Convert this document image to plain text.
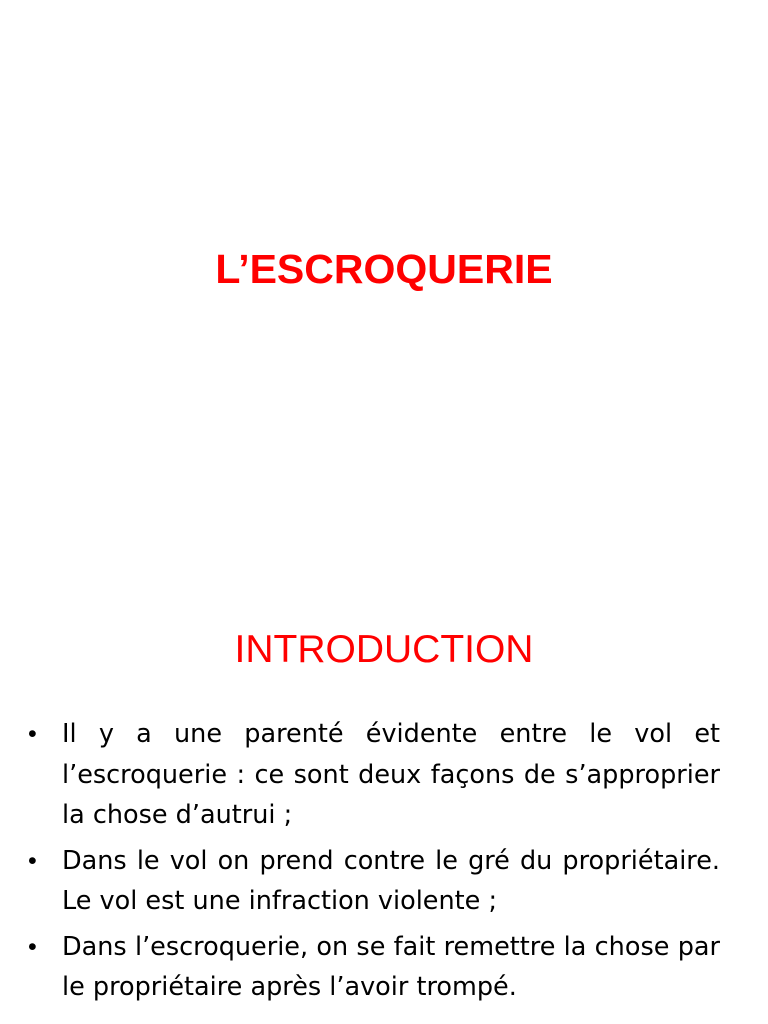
L’ESCROQUERIE
INTRODUCTION
• Il y a une parenté évidente entre le vol et l’escroquerie : ce sont deux façons de s’approprier la chose d’autrui ;
• Dans le vol on prend contre le gré du propriétaire. Le vol est une infraction violente ;
• Dans l’escroquerie, on se fait remettre la chose par le propriétaire après l’avoir trompé.
